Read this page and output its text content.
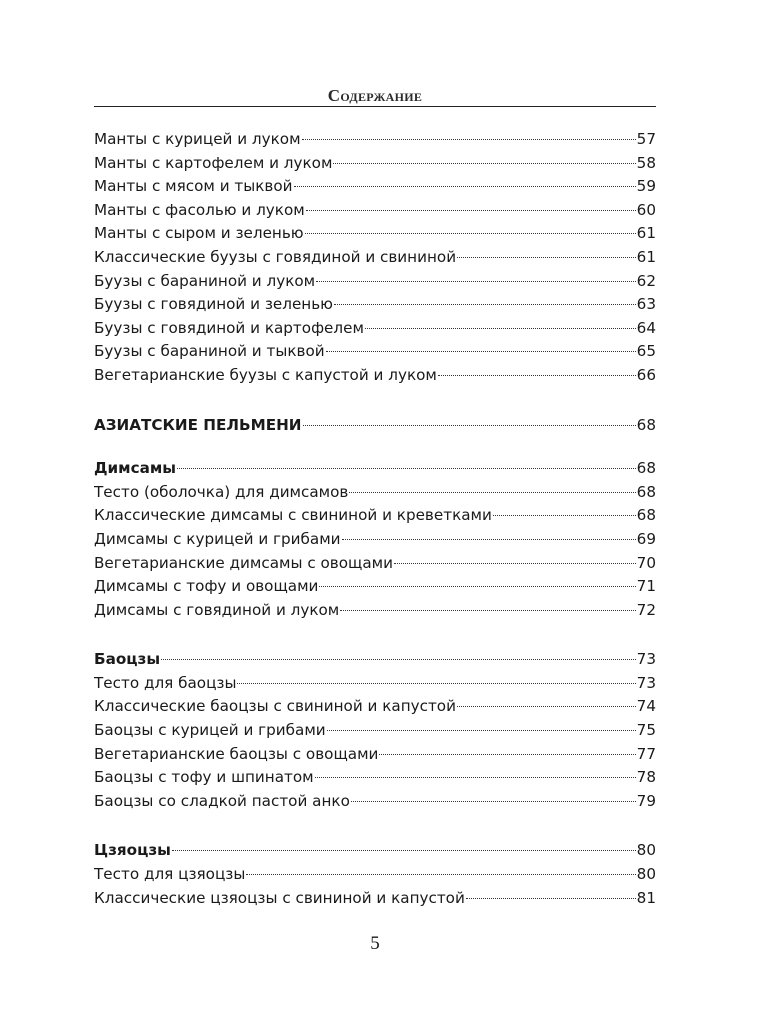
Содержание
Манты с курицей и луком	57
Манты с картофелем и луком	58
Манты с мясом и тыквой	59
Манты с фасолью и луком	60
Манты с сыром и зеленью	61
Классические буузы с говядиной и свининой	61
Буузы с бараниной и луком	62
Буузы с говядиной и зеленью	63
Буузы с говядиной и картофелем	64
Буузы с бараниной и тыквой	65
Вегетарианские буузы с капустой и луком	66
АЗИАТСКИЕ ПЕЛЬМЕНИ	68
Димсамы	68
Тесто (оболочка) для димсамов	68
Классические димсамы с свининой и креветками	68
Димсамы с курицей и грибами	69
Вегетарианские димсамы с овощами	70
Димсамы с тофу и овощами	71
Димсамы с говядиной и луком	72
Баоцзы	73
Тесто для баоцзы	73
Классические баоцзы с свининой и капустой	74
Баоцзы с курицей и грибами	75
Вегетарианские баоцзы с овощами	77
Баоцзы с тофу и шпинатом	78
Баоцзы со сладкой пастой анко	79
Цзяоцзы	80
Тесто для цзяоцзы	80
Классические цзяоцзы с свининой и капустой	81
5
